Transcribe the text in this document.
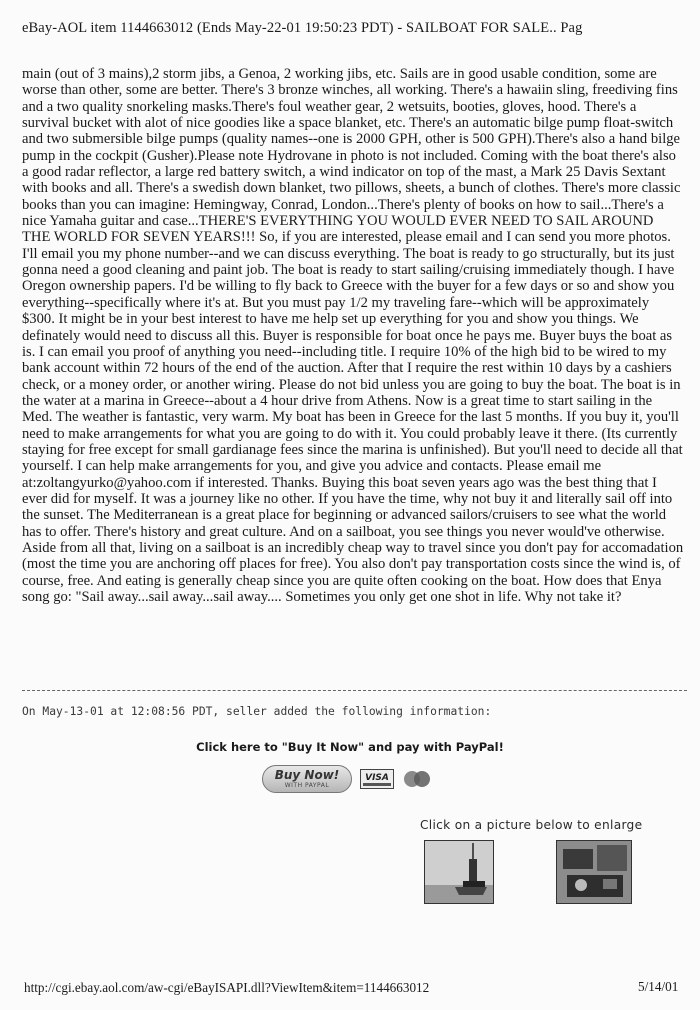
eBay-AOL item 1144663012 (Ends May-22-01 19:50:23 PDT) - SAILBOAT FOR SALE.. Pag

main (out of 3 mains),2 storm jibs, a Genoa, 2 working jibs, etc. Sails are in good usable condition, some are worse than other, some are better. There's 3 bronze winches, all working. There's a hawaiin sling, freediving fins and a two quality snorkeling masks.There's foul weather gear, 2 wetsuits, booties, gloves, hood. There's a survival bucket with alot of nice goodies like a space blanket, etc. There's an automatic bilge pump float-switch and two submersible bilge pumps (quality names--one is 2000 GPH, other is 500 GPH).There's also a hand bilge pump in the cockpit (Gusher).Please note Hydrovane in photo is not included. Coming with the boat there's also a good radar reflector, a large red battery switch, a wind indicator on top of the mast, a Mark 25 Davis Sextant with books and all. There's a swedish down blanket, two pillows, sheets, a bunch of clothes. There's more classic books than you can imagine: Hemingway, Conrad, London...There's plenty of books on how to sail...There's a nice Yamaha guitar and case...THERE'S EVERYTHING YOU WOULD EVER NEED TO SAIL AROUND THE WORLD FOR SEVEN YEARS!!! So, if you are interested, please email and I can send you more photos. I'll email you my phone number--and we can discuss everything. The boat is ready to go structurally, but its just gonna need a good cleaning and paint job. The boat is ready to start sailing/cruising immediately though. I have Oregon ownership papers. I'd be willing to fly back to Greece with the buyer for a few days or so and show you everything--specifically where it's at. But you must pay 1/2 my traveling fare--which will be approximately $300. It might be in your best interest to have me help set up everything for you and show you things. We definately would need to discuss all this. Buyer is responsible for boat once he pays me. Buyer buys the boat as is. I can email you proof of anything you need--including title. I require 10% of the high bid to be wired to my bank account within 72 hours of the end of the auction. After that I require the rest within 10 days by a cashiers check, or a money order, or another wiring. Please do not bid unless you are going to buy the boat. The boat is in the water at a marina in Greece--about a 4 hour drive from Athens. Now is a great time to start sailing in the Med. The weather is fantastic, very warm. My boat has been in Greece for the last 5 months. If you buy it, you'll need to make arrangements for what you are going to do with it. You could probably leave it there. (Its currently staying for free except for small gardianage fees since the marina is unfinished). But you'll need to decide all that yourself. I can help make arrangements for you, and give you advice and contacts. Please email me at:zoltangyurko@yahoo.com if interested. Thanks. Buying this boat seven years ago was the best thing that I ever did for myself. It was a journey like no other. If you have the time, why not buy it and literally sail off into the sunset. The Mediterranean is a great place for beginning or advanced sailors/cruisers to see what the world has to offer. There's history and great culture. And on a sailboat, you see things you never would've otherwise. Aside from all that, living on a sailboat is an incredibly cheap way to travel since you don't pay for accomadation (most the time you are anchoring off places for free). You also don't pay transportation costs since the wind is, of course, free. And eating is generally cheap since you are quite often cooking on the boat. How does that Enya song go: "Sail away...sail away...sail away.... Sometimes you only get one shot in life. Why not take it?

On May-13-01 at 12:08:56 PDT, seller added the following information:
Click here to "Buy It Now" and pay with PayPal!
Buy Now!
WITH PAYPAL
VISA
Click on a picture below to enlarge
http://cgi.ebay.aol.com/aw-cgi/eBayISAPI.dll?ViewItem&item=1144663012	5/14/01
